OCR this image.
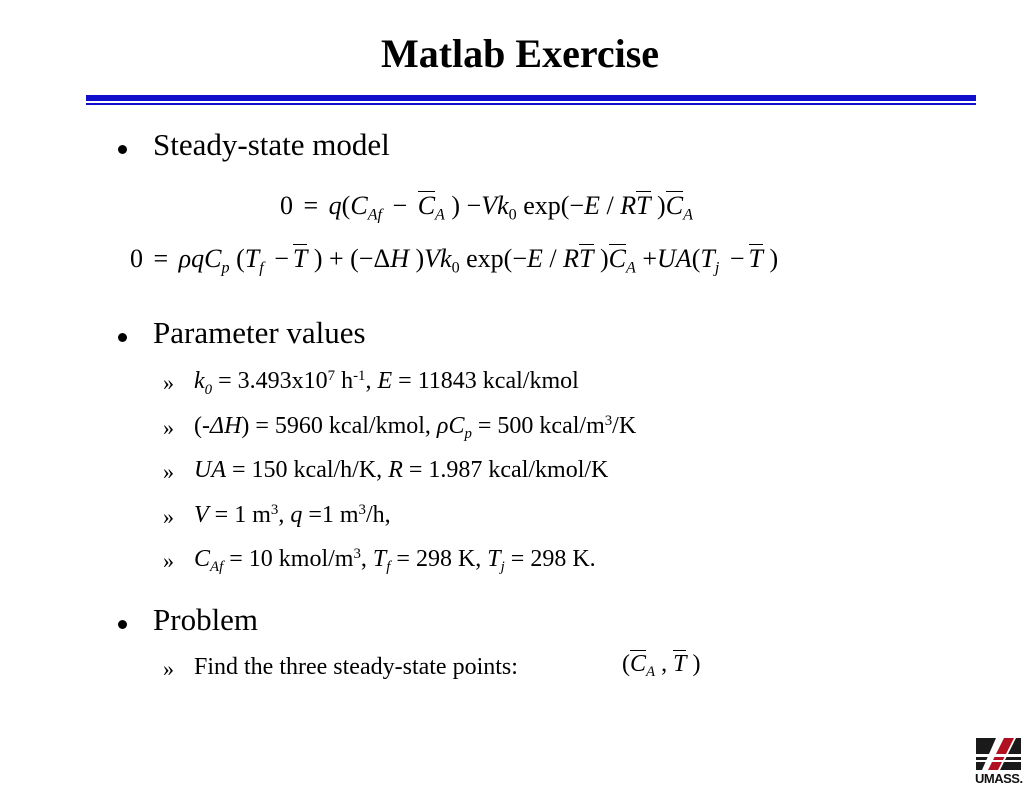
Matlab Exercise
Steady-state model
$0 = q(C_{Af} - C_A$ ) $-Vk_0$ exp(−E / RT )$C_A$
0 = ρqC$_p$ ($T_f - T$ ) + (−ΔH )$Vk_0$ exp(−E / RT )$C_A +UA(T_j - T$ )
Parameter values
» $k_0 = 3.493x10^7$ $h^{-1}$, E = 11843 kcal/kmol
» (-ΔH) = 5960 kcal/kmol, $\rho C_p = 500$ kcal/$m^3/K$
» UA = 150 kcal/h/K, R = 1.987 kcal/kmol/K
» V = 1 $m^3$, q =1 $m^3/h$,
» $C_{Af} = 10$ kmol/$m^3$, $T_f = 298$ K, $T_j = 298$ K.
Problem
» Find the three steady-state points:	($C_A$ , T )
UMASS.
